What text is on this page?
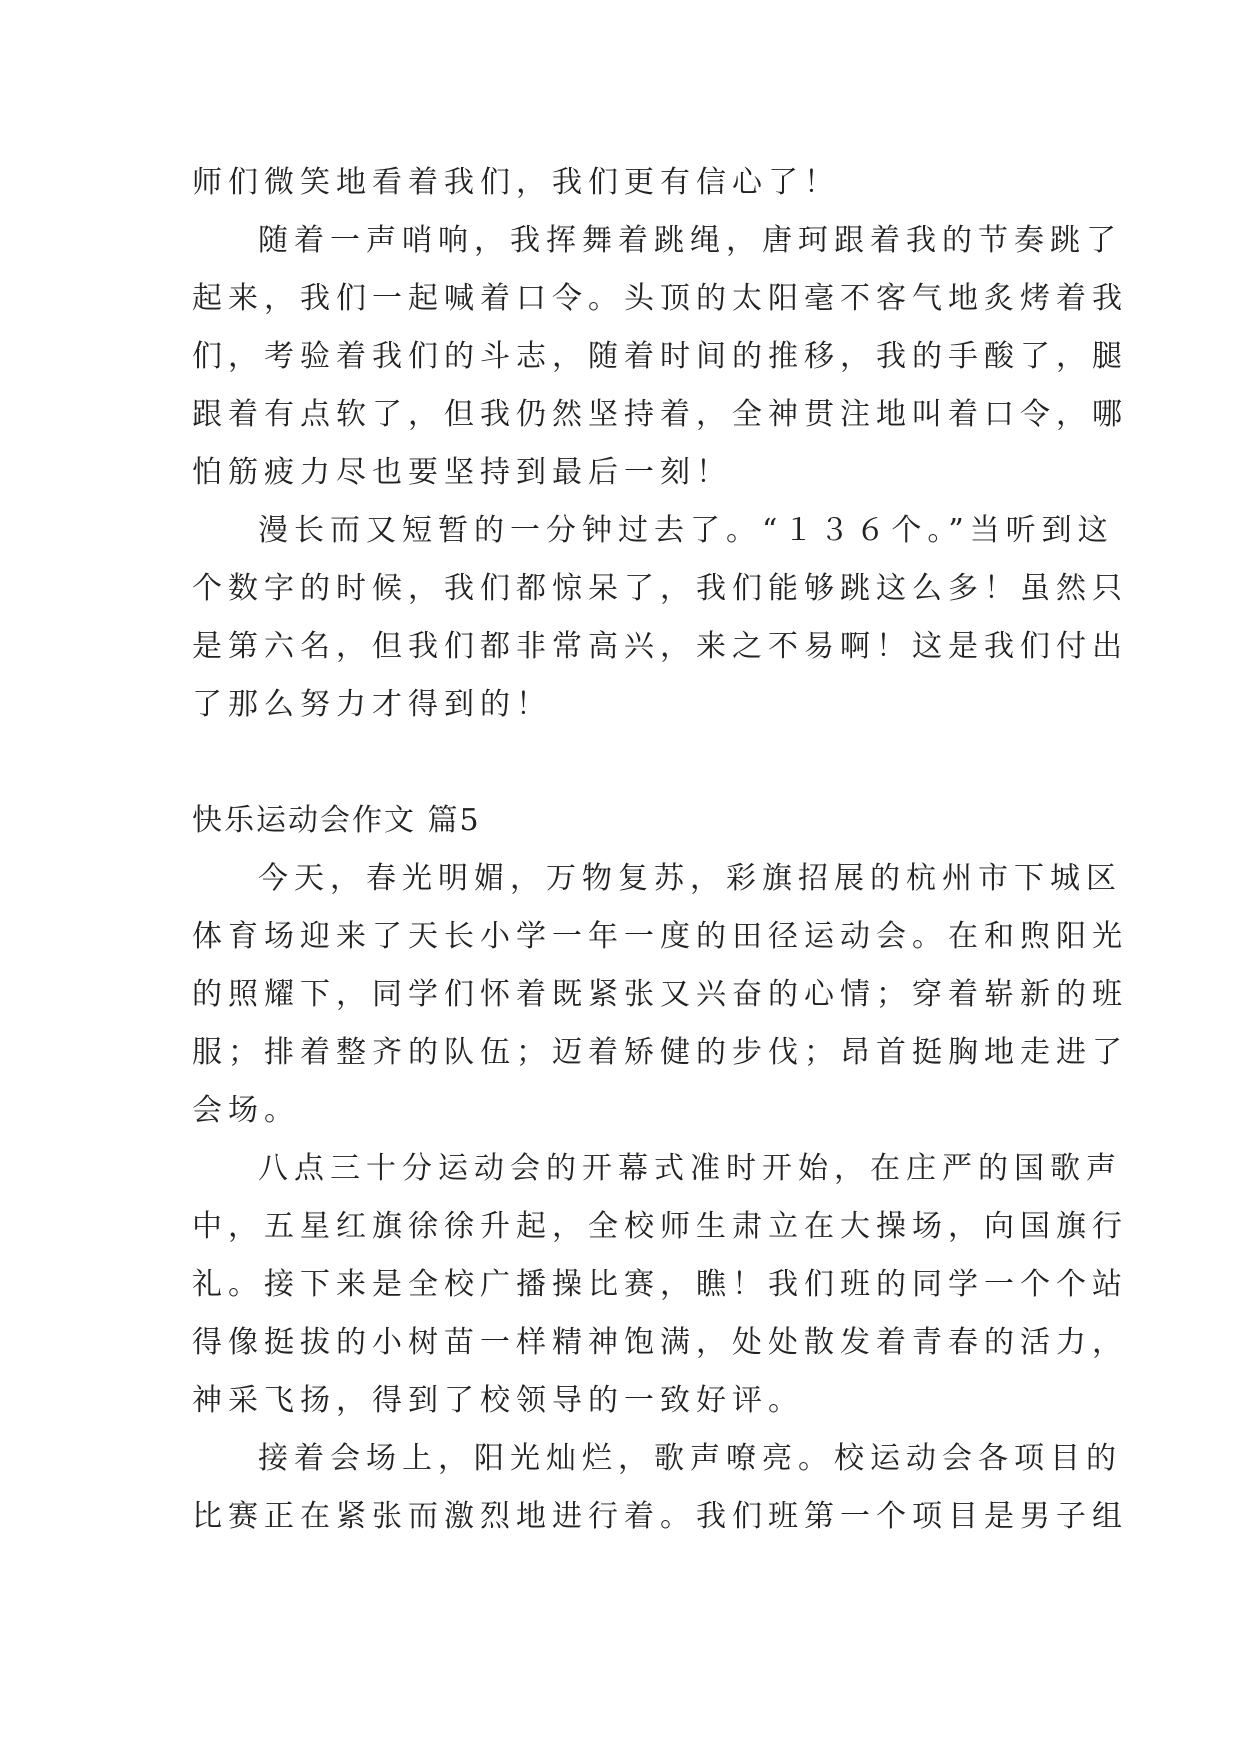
师们微笑地看着我们，我们更有信心了！
随着一声哨响，我挥舞着跳绳，唐珂跟着我的节奏跳了
起来，我们一起喊着口令。头顶的太阳毫不客气地炙烤着我
们，考验着我们的斗志，随着时间的推移，我的手酸了，腿
跟着有点软了，但我仍然坚持着，全神贯注地叫着口令，哪
怕筋疲力尽也要坚持到最后一刻！
漫长而又短暂的一分钟过去了。“１３６个。”当听到这
个数字的时候，我们都惊呆了，我们能够跳这么多！虽然只
是第六名，但我们都非常高兴，来之不易啊！这是我们付出
了那么努力才得到的！
快乐运动会作文 篇5
今天，春光明媚，万物复苏，彩旗招展的杭州市下城区
体育场迎来了天长小学一年一度的田径运动会。在和煦阳光
的照耀下，同学们怀着既紧张又兴奋的心情；穿着崭新的班
服；排着整齐的队伍；迈着矫健的步伐；昂首挺胸地走进了
会场。
八点三十分运动会的开幕式准时开始，在庄严的国歌声
中，五星红旗徐徐升起，全校师生肃立在大操场，向国旗行
礼。接下来是全校广播操比赛，瞧！我们班的同学一个个站
得像挺拔的小树苗一样精神饱满，处处散发着青春的活力，
神采飞扬，得到了校领导的一致好评。
接着会场上，阳光灿烂，歌声嘹亮。校运动会各项目的
比赛正在紧张而激烈地进行着。我们班第一个项目是男子组
